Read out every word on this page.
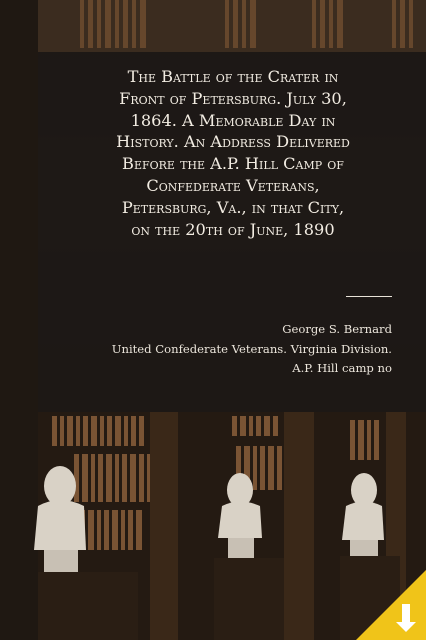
The Battle of the Crater in
Front of Petersburg. July 30,
1864. A Memorable Day in
History. An Address Delivered
Before the A.P. Hill Camp of
Confederate Veterans,
Petersburg, Va., in that City,
on the 20th of June, 1890
George S. Bernard
United Confederate Veterans. Virginia Division.
A.P. Hill camp no
